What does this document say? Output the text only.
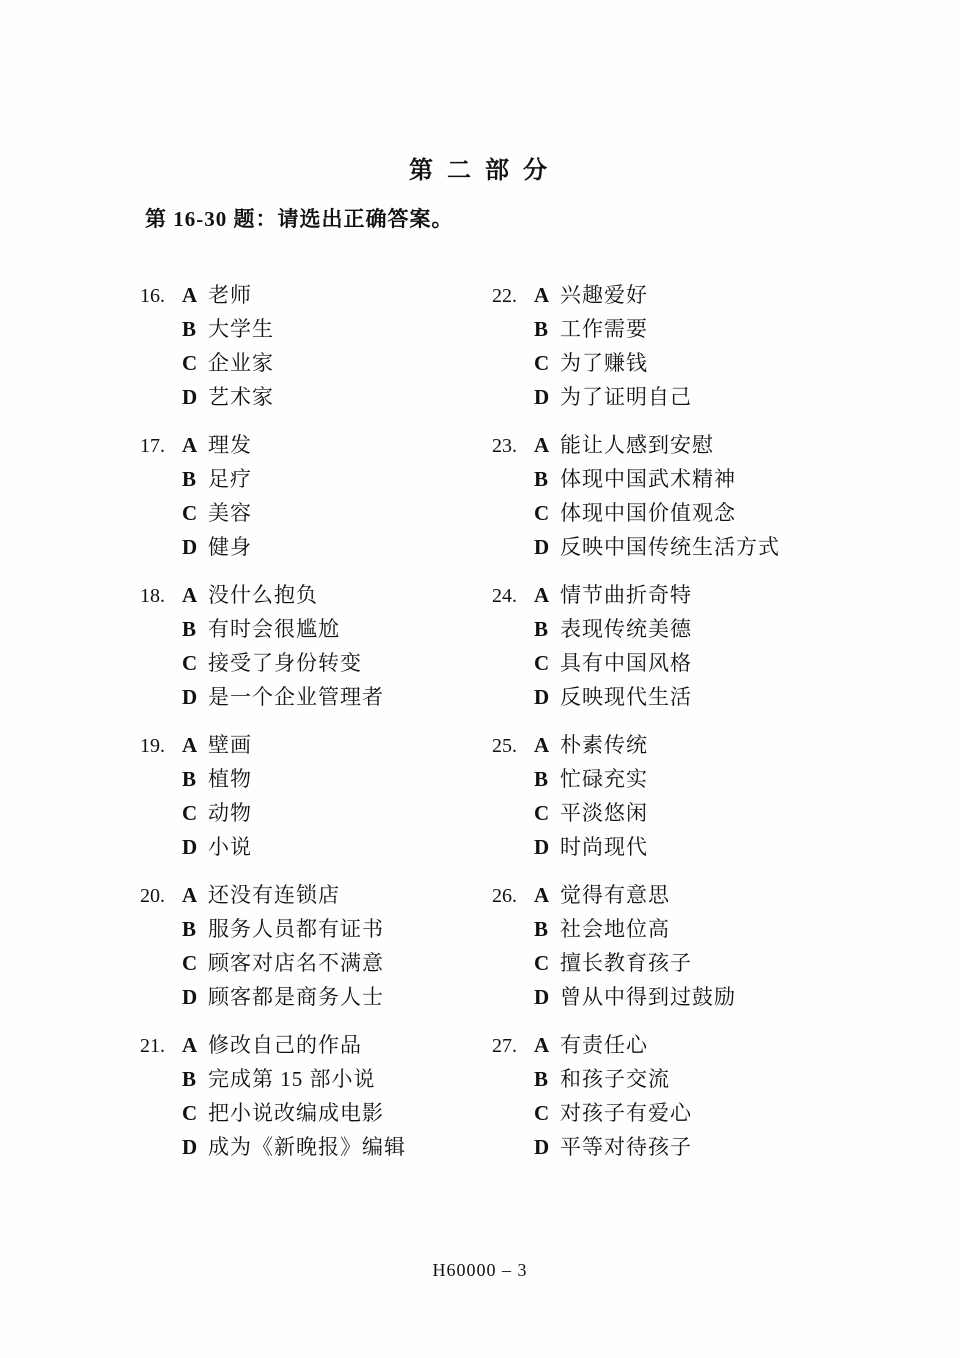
第 二 部 分
第 16-30 题：请选出正确答案。
16. A 老师
B 大学生
C 企业家
D 艺术家
17. A 理发
B 足疗
C 美容
D 健身
18. A 没什么抱负
B 有时会很尴尬
C 接受了身份转变
D 是一个企业管理者
19. A 壁画
B 植物
C 动物
D 小说
20. A 还没有连锁店
B 服务人员都有证书
C 顾客对店名不满意
D 顾客都是商务人士
21. A 修改自己的作品
B 完成第 15 部小说
C 把小说改编成电影
D 成为《新晚报》编辑
22. A 兴趣爱好
B 工作需要
C 为了赚钱
D 为了证明自己
23. A 能让人感到安慰
B 体现中国武术精神
C 体现中国价值观念
D 反映中国传统生活方式
24. A 情节曲折奇特
B 表现传统美德
C 具有中国风格
D 反映现代生活
25. A 朴素传统
B 忙碌充实
C 平淡悠闲
D 时尚现代
26. A 觉得有意思
B 社会地位高
C 擅长教育孩子
D 曾从中得到过鼓励
27. A 有责任心
B 和孩子交流
C 对孩子有爱心
D 平等对待孩子
H60000 – 3
